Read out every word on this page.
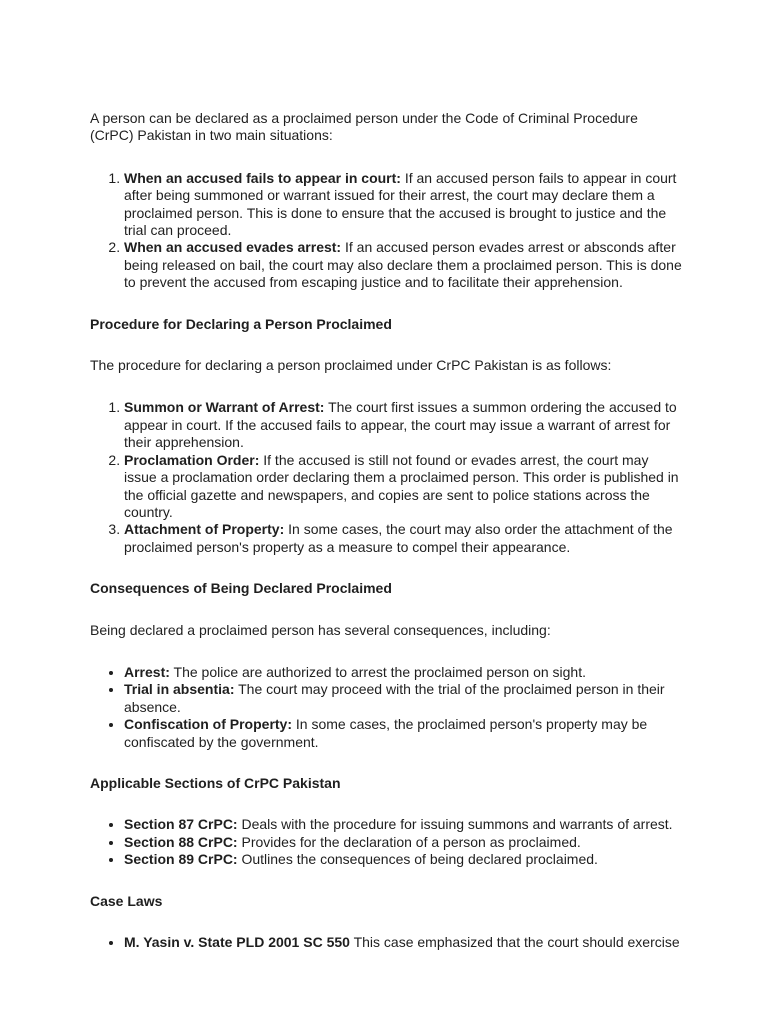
A person can be declared as a proclaimed person under the Code of Criminal Procedure (CrPC) Pakistan in two main situations:

1. When an accused fails to appear in court: If an accused person fails to appear in court after being summoned or warrant issued for their arrest, the court may declare them a proclaimed person. This is done to ensure that the accused is brought to justice and the trial can proceed.
2. When an accused evades arrest: If an accused person evades arrest or absconds after being released on bail, the court may also declare them a proclaimed person. This is done to prevent the accused from escaping justice and to facilitate their apprehension.
Procedure for Declaring a Person Proclaimed

The procedure for declaring a person proclaimed under CrPC Pakistan is as follows:

1. Summon or Warrant of Arrest: The court first issues a summon ordering the accused to appear in court. If the accused fails to appear, the court may issue a warrant of arrest for their apprehension.
2. Proclamation Order: If the accused is still not found or evades arrest, the court may issue a proclamation order declaring them a proclaimed person. This order is published in the official gazette and newspapers, and copies are sent to police stations across the country.
3. Attachment of Property: In some cases, the court may also order the attachment of the proclaimed person's property as a measure to compel their appearance.
Consequences of Being Declared Proclaimed

Being declared a proclaimed person has several consequences, including:

• Arrest: The police are authorized to arrest the proclaimed person on sight.
• Trial in absentia: The court may proceed with the trial of the proclaimed person in their absence.
• Confiscation of Property: In some cases, the proclaimed person's property may be confiscated by the government.
Applicable Sections of CrPC Pakistan
• Section 87 CrPC: Deals with the procedure for issuing summons and warrants of arrest.
• Section 88 CrPC: Provides for the declaration of a person as proclaimed.
• Section 89 CrPC: Outlines the consequences of being declared proclaimed.
Case Laws
• M. Yasin v. State PLD 2001 SC 550 This case emphasized that the court should exercise
